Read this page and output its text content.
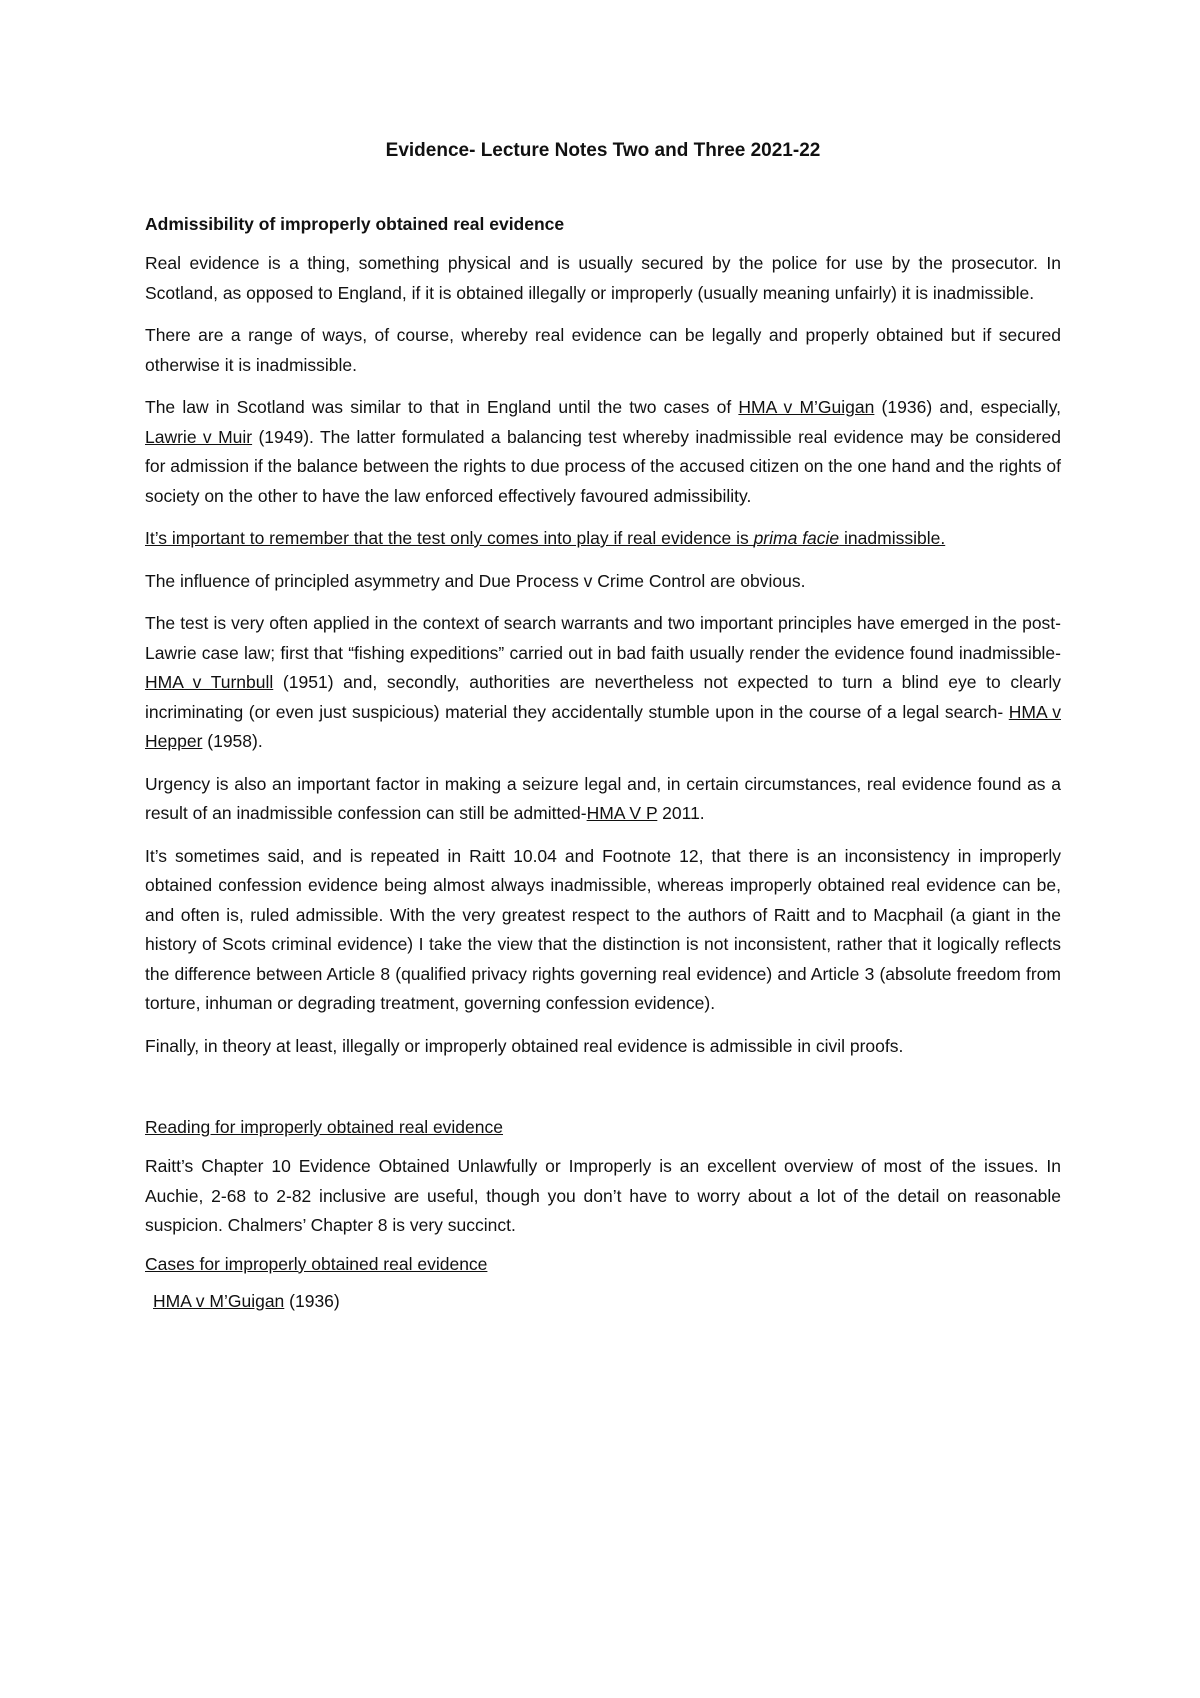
Evidence- Lecture Notes Two and Three 2021-22
Admissibility of improperly obtained real evidence

Real evidence is a thing, something physical and is usually secured by the police for use by the prosecutor. In Scotland, as opposed to England, if it is obtained illegally or improperly (usually meaning unfairly) it is inadmissible.

There are a range of ways, of course, whereby real evidence can be legally and properly obtained but if secured otherwise it is inadmissible.

The law in Scotland was similar to that in England until the two cases of HMA v M’Guigan (1936) and, especially, Lawrie v Muir (1949). The latter formulated a balancing test whereby inadmissible real evidence may be considered for admission if the balance between the rights to due process of the accused citizen on the one hand and the rights of society on the other to have the law enforced effectively favoured admissibility.

It’s important to remember that the test only comes into play if real evidence is prima facie inadmissible.

The influence of principled asymmetry and Due Process v Crime Control are obvious.

The test is very often applied in the context of search warrants and two important principles have emerged in the post-Lawrie case law; first that “fishing expeditions” carried out in bad faith usually render the evidence found inadmissible- HMA v Turnbull (1951) and, secondly, authorities are nevertheless not expected to turn a blind eye to clearly incriminating (or even just suspicious) material they accidentally stumble upon in the course of a legal search- HMA v Hepper (1958).

Urgency is also an important factor in making a seizure legal and, in certain circumstances, real evidence found as a result of an inadmissible confession can still be admitted-HMA V P 2011.

It’s sometimes said, and is repeated in Raitt 10.04 and Footnote 12, that there is an inconsistency in improperly obtained confession evidence being almost always inadmissible, whereas improperly obtained real evidence can be, and often is, ruled admissible. With the very greatest respect to the authors of Raitt and to Macphail (a giant in the history of Scots criminal evidence) I take the view that the distinction is not inconsistent, rather that it logically reflects the difference between Article 8 (qualified privacy rights governing real evidence) and Article 3 (absolute freedom from torture, inhuman or degrading treatment, governing confession evidence).

Finally, in theory at least, illegally or improperly obtained real evidence is admissible in civil proofs.

Reading for improperly obtained real evidence

Raitt’s Chapter 10 Evidence Obtained Unlawfully or Improperly is an excellent overview of most of the issues. In Auchie, 2-68 to 2-82 inclusive are useful, though you don’t have to worry about a lot of the detail on reasonable suspicion. Chalmers’ Chapter 8 is very succinct.

Cases for improperly obtained real evidence
HMA v M’Guigan (1936)
